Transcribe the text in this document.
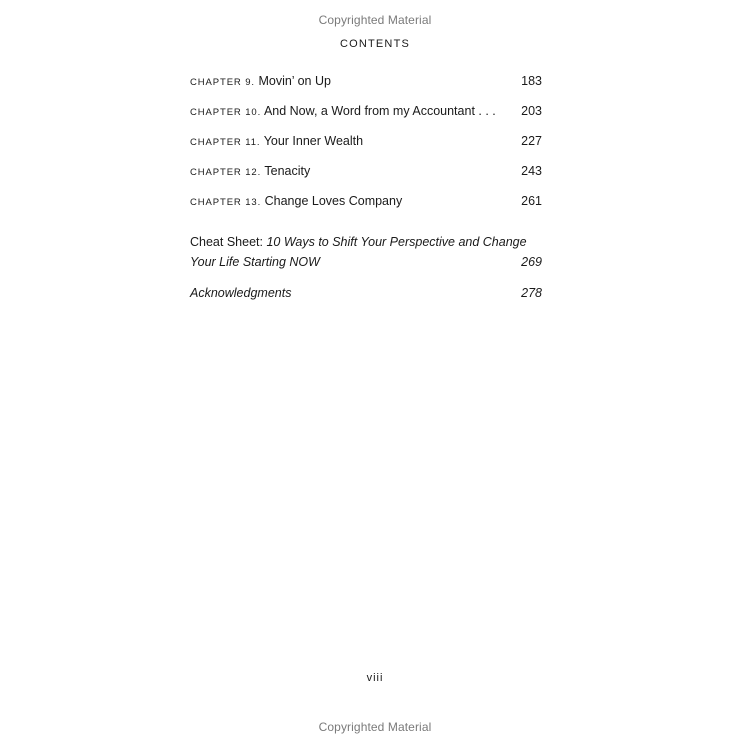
Copyrighted Material
CONTENTS
CHAPTER 9. Movin’ on Up	183
CHAPTER 10. And Now, a Word from my Accountant . . . 203
CHAPTER 11. Your Inner Wealth	227
CHAPTER 12. Tenacity	243
CHAPTER 13. Change Loves Company	261
Cheat Sheet: 10 Ways to Shift Your Perspective and Change
Your Life Starting NOW	269
Acknowledgments	278
viii
Copyrighted Material
